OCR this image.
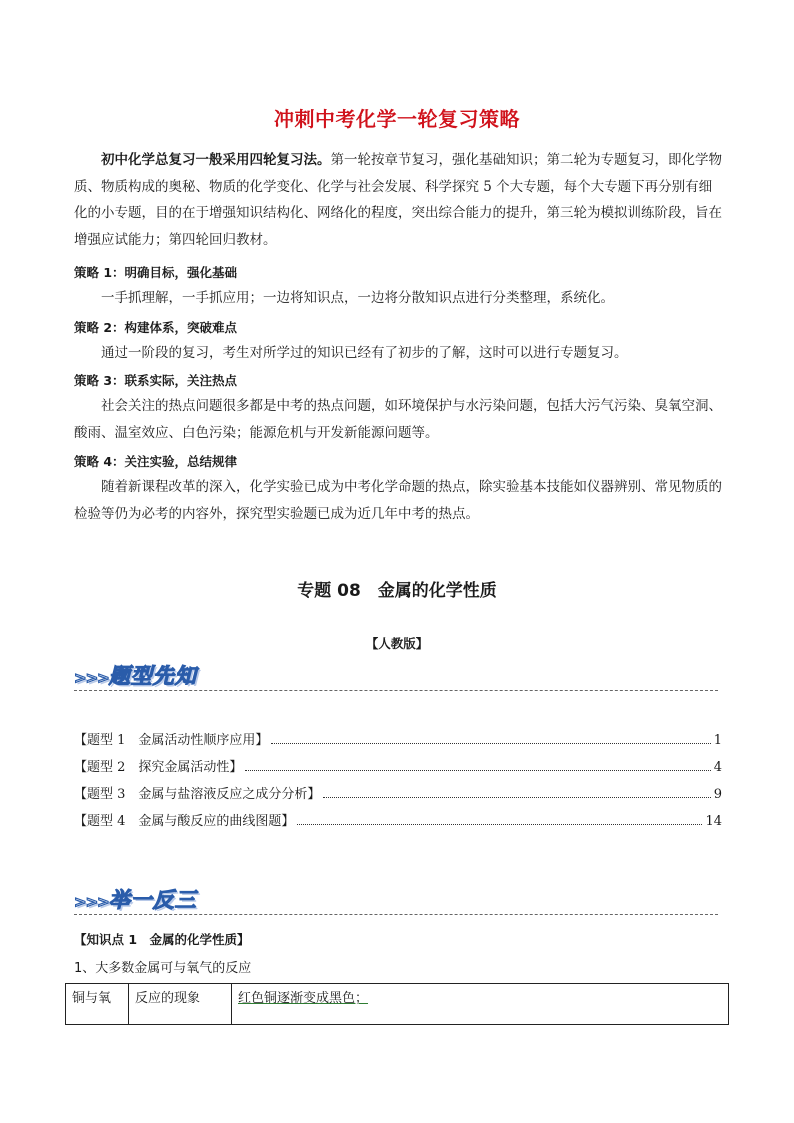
冲刺中考化学一轮复习策略
初中化学总复习一般采用四轮复习法。第一轮按章节复习，强化基础知识；第二轮为专题复习，即化学物质、物质构成的奥秘、物质的化学变化、化学与社会发展、科学探究 5 个大专题，每个大专题下再分别有细化的小专题，目的在于增强知识结构化、网络化的程度，突出综合能力的提升，第三轮为模拟训练阶段，旨在增强应试能力；第四轮回归教材。
策略 1：明确目标，强化基础
一手抓理解，一手抓应用；一边将知识点，一边将分散知识点进行分类整理，系统化。
策略 2：构建体系，突破难点
通过一阶段的复习，考生对所学过的知识已经有了初步的了解，这时可以进行专题复习。
策略 3：联系实际，关注热点
社会关注的热点问题很多都是中考的热点问题，如环境保护与水污染问题，包括大污气污染、臭氧空洞、酸雨、温室效应、白色污染；能源危机与开发新能源问题等。
策略 4：关注实验，总结规律
随着新课程改革的深入，化学实验已成为中考化学命题的热点，除实验基本技能如仪器辨别、常见物质的检验等仍为必考的内容外，探究型实验题已成为近几年中考的热点。
专题 08　金属的化学性质
【人教版】
>>>题型先知
【题型 1　金属活动性顺序应用】	1
【题型 2　探究金属活动性】	4
【题型 3　金属与盐溶液反应之成分分析】	9
【题型 4　金属与酸反应的曲线图题】	14
>>>举一反三
【知识点 1　金属的化学性质】
1、大多数金属可与氧气的反应
铜与氧	反应的现象	红色铜逐渐变成黑色；
